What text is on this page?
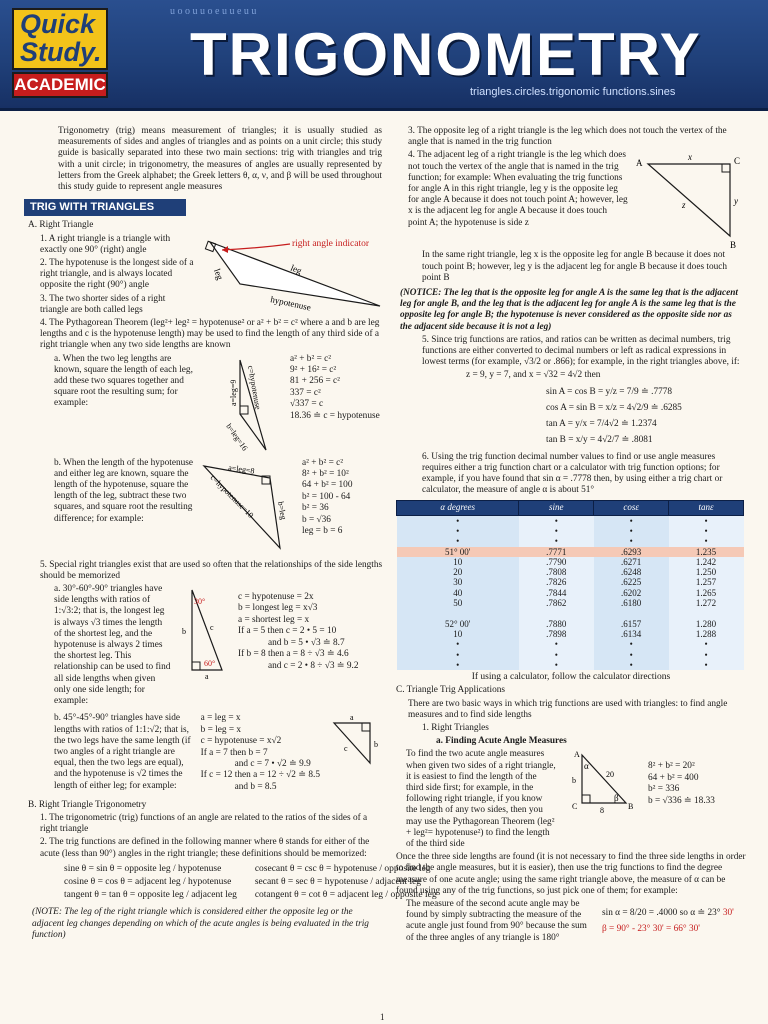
u o o u u o e u u e u u
Quick
Study.
ACADEMIC TRIGONOMETRY
triangles.circles.trigonomic functions.sines

Trigonometry (trig) means measurement of triangles; it is usually studied as measurements of sides and angles of triangles and as points on a unit circle; this study guide is basically separated into these two main sections: trig with triangles and trig with a unit circle; in trigonometry, the measures of angles are usually represented by letters from the Greek alphabet; the Greek letters θ, α, ν, and β will be used throughout this study guide to represent angle measures

TRIG WITH TRIANGLES

A. Right Triangle

1. A right triangle is a triangle with exactly one 90° (right) angle

2. The hypotenuse is the longest side of a right triangle, and is always located opposite the right (90°) angle

3. The two shorter sides of a right triangle are both called legs

leg	leg
hypotenuse
right angle indicator

4. The Pythagorean Theorem (leg²+ leg² = hypotenuse² or a² + b² = c² where a and b are leg lengths and c is the hypotenuse length) may be used to find the length of any third side of a right triangle when any two side lengths are known

a. When the two leg lengths are known, square the length of each leg, add these two squares together and square root the resulting sum; for example:	a=leg=9
b=leg=16
c=hypotenuse
a² + b² = c²
9² + 16² = c²
81 + 256 = c²
337 = c²
√337 = c
18.36 ≐ c = hypotenuse

b. When the length of the hypotenuse and either leg are known, square the length of the hypotenuse, square the length of the leg, subtract these two squares, and square root the resulting difference; for example:

a=leg=8
b=leg
c=hypotenuse=10
a² + b² = c²
8² + b² = 10²
64 + b² = 100
b² = 100 - 64
b² = 36
b = √36
leg = b = 6

5. Special right triangles exist that are used so often that the relationships of the side lengths should be memorized

a. 30°-60°-90° triangles have side lengths with ratios of 1:√3:2; that is, the longest leg is always √3 times the length of the shortest leg, and the hypotenuse is always 2 times the shortest leg. This relationship can be used to find all side lengths when given only one side length; for example:

b	c
a
30°
60°
c = hypotenuse = 2x
b = longest leg = x√3
a = shortest leg = x
If a = 5 then c = 2 • 5 = 10
and b = 5 • √3 ≐ 8.7
If b = 8 then a = 8 ÷ √3 ≐ 4.6
and c = 2 • 8 ÷ √3 ≐ 9.2

b. 45°-45°-90° triangles have side lengths with ratios of 1:1:√2; that is, the two legs have the same length (if two angles of a right triangle are equal, then the two legs are equal), and the hypotenuse is √2 times the length of either leg; for example:

a = leg = x
b = leg = x
c = hypotenuse = x√2
If a = 7 then b = 7
and c = 7 • √2 ≐ 9.9
If c = 12 then a = 12 ÷ √2 ≐ 8.5
and b = 8.5
a
b
c

B. Right Triangle Trigonometry

1. The trigonometric (trig) functions of an angle are related to the ratios of the sides of a right triangle

2. The trig functions are defined in the following manner where θ stands for either of the acute (less than 90°) angles in the right triangle; these definitions should be memorized:

sine θ = sin θ = opposite leg / hypotenuse	cosecant θ = csc θ = hypotenuse / opposite leg
cosine θ = cos θ = adjacent leg / hypotenuse	secant θ = sec θ = hypotenuse / adjacent leg
tangent θ = tan θ = opposite leg / adjacent leg cotangent θ = cot θ = adjacent leg / opposite leg

(NOTE: The leg of the right triangle which is considered either the opposite leg or the adjacent leg changes depending on which of the acute angles is being evaluated in the trig function)

3. The opposite leg of a right triangle is the leg which does not touch the vertex of the angle that is named in the trig function

4. The adjacent leg of a right triangle is the leg which does not touch the vertex of the angle that is named in the trig function; for example: When evaluating the trig functions for angle A in this right triangle, leg y is the opposite leg for angle A because it does not touch point A; however, leg x is the adjacent leg for angle A because it does touch point A; the hypotenuse is side z

A	C
B
x
y
z

In the same right triangle, leg x is the opposite leg for angle B because it does not touch point B; however, leg y is the adjacent leg for angle B because it does touch point B

(NOTICE: The leg that is the opposite leg for angle A is the same leg that is the adjacent leg for angle B, and the leg that is the adjacent leg for angle A is the same leg that is the opposite leg for angle B; the hypotenuse is never considered as the opposite side nor as the adjacent side because it is not a leg)

5. Since trig functions are ratios, and ratios can be written as decimal numbers, trig functions are either converted to decimal numbers or left as radical expressions in lowest terms (for example, √3/2 or .866); for example, in the right triangles above, if:

z = 9, y = 7, and x = √32 = 4√2 then

sin A = cos B = y/z = 7/9 ≐ .7778
cos A = sin B = x/z = 4√2/9 ≐ .6285
tan A = y/x = 7/4√2 ≐ 1.2374
tan B = x/y = 4√2/7 ≐ .8081

6. Using the trig function decimal number values to find or use angle measures requires either a trig function chart or a calculator with trig function options; for example, if you have found that sin α = .7778 then, by using either a trig chart or calculator, the measure of angle α is about 51°

α degrees	sine	cosε	tanε
•	•	•	•
•	•	•	•
•	•	•	•
51° 00'	.7771	.6293	1.235
10	.7790	.6271	1.242
20	.7808	.6248	1.250
30	.7826	.6225	1.257
40	.7844	.6202	1.265
50	.7862	.6180	1.272

52° 00'	.7880	.6157	1.280
10	.7898	.6134	1.288
•	•	•	•
•	•	•	•
•	•	•	•

If using a calculator, follow the calculator directions

C. Triangle Trig Applications

There are two basic ways in which trig functions are used with triangles: to find angle measures and to find side lengths

1. Right Triangles

a. Finding Acute Angle Measures

To find the two acute angle measures when given two sides of a right triangle, it is easiest to find the length of the third side first; for example, in the following right triangle, if you know the length of any two sides, then you may use the Pythagorean Theorem (leg² + leg²= hypotenuse²) to find the length of the third side

A
C	B
α
β
b
20
8
8² + b² = 20²
64 + b² = 400
b² = 336
b = √336 ≐ 18.33

Once the three side lengths are found (it is not necessary to find the three side lengths in order to find the angle measures, but it is easier), then use the trig functions to find the degree measure of one acute angle; using the same right triangle above, the measure of α can be found using any of the trig functions, so just pick one of them; for example:

The measure of the second acute angle may be found by simply subtracting the measure of the acute angle just found from 90° because the sum of the three angles of any triangle is 180°

sin α = 8/20 = .4000 so α ≐ 23° 30'
β = 90° - 23° 30' = 66° 30'
1
